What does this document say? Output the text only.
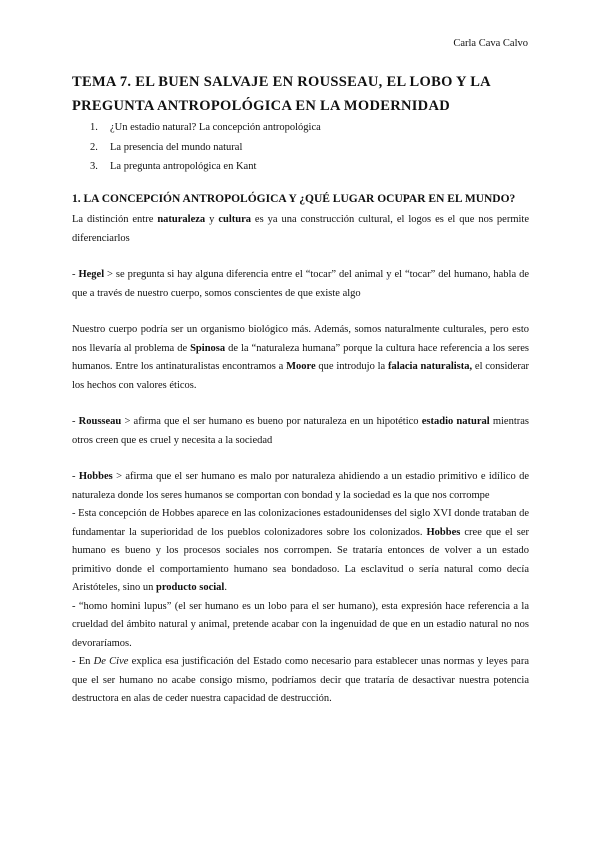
Carla Cava Calvo
TEMA 7. EL BUEN SALVAJE EN ROUSSEAU, EL LOBO Y LA PREGUNTA ANTROPOLÓGICA EN LA MODERNIDAD
1. ¿Un estadio natural? La concepción antropológica
2. La presencia del mundo natural
3. La pregunta antropológica en Kant
1. LA CONCEPCIÓN ANTROPOLÓGICA Y ¿QUÉ LUGAR OCUPAR EN EL MUNDO?

La distinción entre naturaleza y cultura es ya una construcción cultural, el logos es el que nos permite diferenciarlos

- Hegel > se pregunta si hay alguna diferencia entre el “tocar” del animal y el “tocar” del humano, habla de que a través de nuestro cuerpo, somos conscientes de que existe algo

Nuestro cuerpo podría ser un organismo biológico más. Además, somos naturalmente culturales, pero esto nos llevaría al problema de Spinosa de la “naturaleza humana” porque la cultura hace referencia a los seres humanos. Entre los antinaturalistas encontramos a Moore que introdujo la falacia naturalista, el considerar los hechos con valores éticos.

- Rousseau > afirma que el ser humano es bueno por naturaleza en un hipotético estadio natural mientras otros creen que es cruel y necesita a la sociedad

- Hobbes > afirma que el ser humano es malo por naturaleza ahidiendo a un estadio primitivo e idílico de naturaleza donde los seres humanos se comportan con bondad y la sociedad es la que nos corrompe

- Esta concepción de Hobbes aparece en las colonizaciones estadounidenses del siglo XVI donde trataban de fundamentar la superioridad de los pueblos colonizadores sobre los colonizados. Hobbes cree que el ser humano es bueno y los procesos sociales nos corrompen. Se trataría entonces de volver a un estado primitivo donde el comportamiento humano sea bondadoso. La esclavitud o sería natural como decía Aristóteles, sino un producto social.

- “homo homini lupus” (el ser humano es un lobo para el ser humano), esta expresión hace referencia a la crueldad del ámbito natural y animal, pretende acabar con la ingenuidad de que en un estadio natural no nos devoraríamos.

- En De Cive explica esa justificación del Estado como necesario para establecer unas normas y leyes para que el ser humano no acabe consigo mismo, podríamos decir que trataría de desactivar nuestra potencia destructora en alas de ceder nuestra capacidad de destrucción.
